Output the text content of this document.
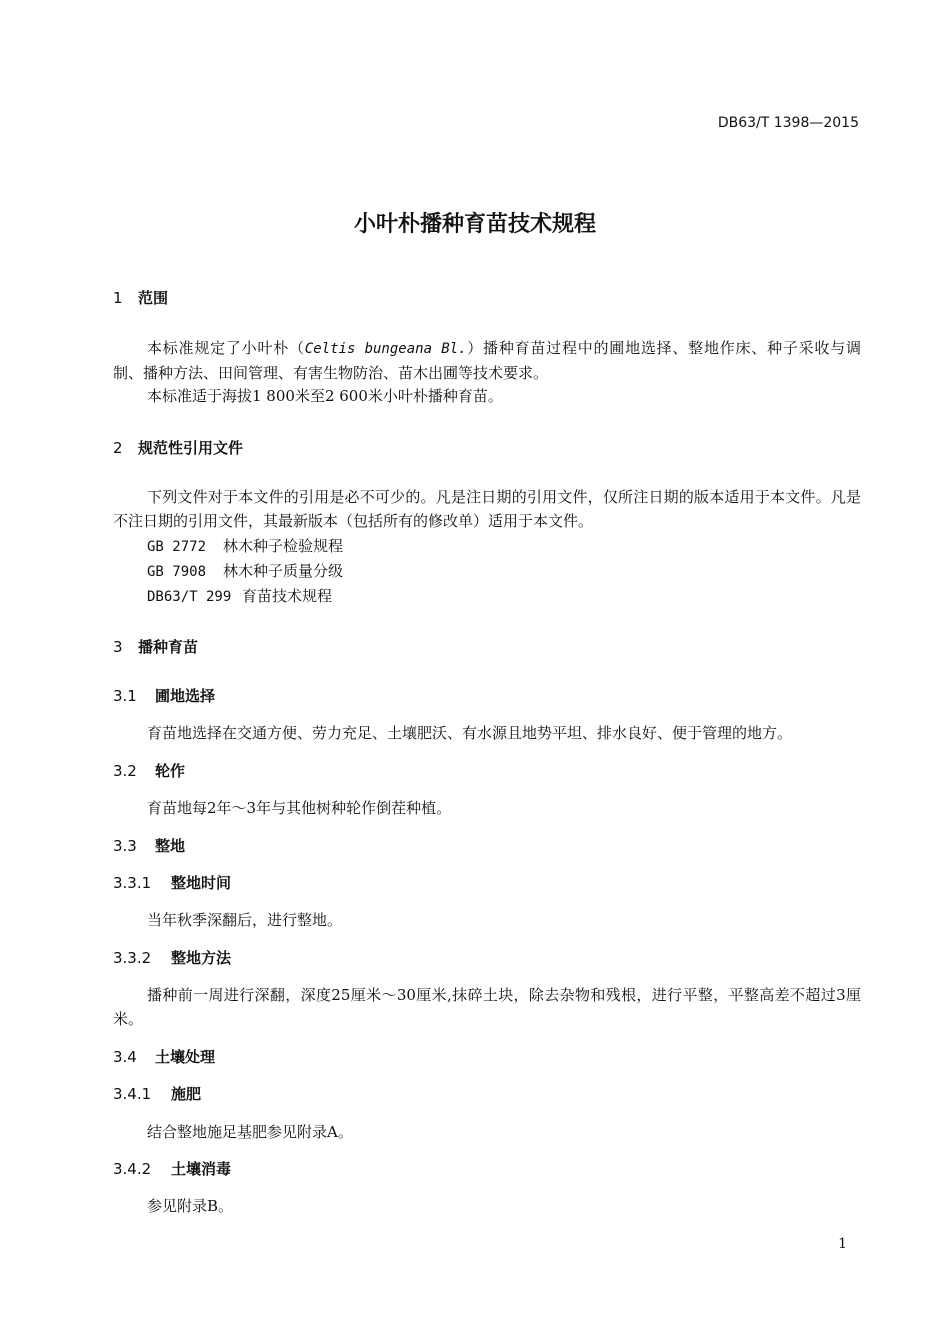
DB63/T 1398—2015
小叶朴播种育苗技术规程
1 范围
本标准规定了小叶朴（Celtis bungeana Bl.）播种育苗过程中的圃地选择、整地作床、种子采收与调制、播种方法、田间管理、有害生物防治、苗木出圃等技术要求。
本标准适于海拔1 800米至2 600米小叶朴播种育苗。
2 规范性引用文件
下列文件对于本文件的引用是必不可少的。凡是注日期的引用文件，仅所注日期的版本适用于本文件。凡是不注日期的引用文件，其最新版本（包括所有的修改单）适用于本文件。
GB 2772 林木种子检验规程
GB 7908 林木种子质量分级
DB63/T 299 育苗技术规程
3 播种育苗
3.1 圃地选择
育苗地选择在交通方便、劳力充足、土壤肥沃、有水源且地势平坦、排水良好、便于管理的地方。
3.2 轮作
育苗地每2年～3年与其他树种轮作倒茬种植。
3.3 整地
3.3.1 整地时间
当年秋季深翻后，进行整地。
3.3.2 整地方法
播种前一周进行深翻，深度25厘米～30厘米,抹碎土块，除去杂物和残根，进行平整，平整高差不超过3厘米。
3.4 土壤处理
3.4.1 施肥
结合整地施足基肥参见附录A。
3.4.2 土壤消毒
参见附录B。
1
